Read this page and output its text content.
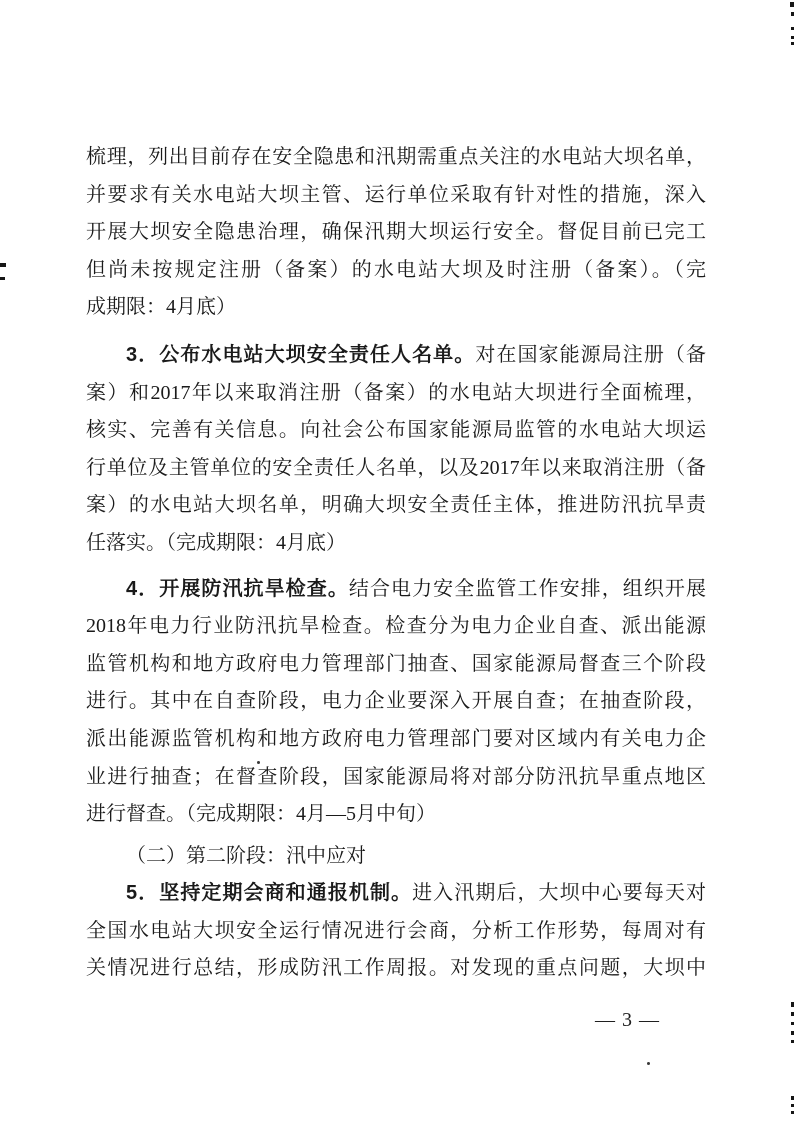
梳理，列出目前存在安全隐患和汛期需重点关注的水电站大坝名单，
并要求有关水电站大坝主管、运行单位采取有针对性的措施，深入
开展大坝安全隐患治理，确保汛期大坝运行安全。督促目前已完工
但尚未按规定注册（备案）的水电站大坝及时注册（备案）。（完
成期限：4月底）
3．公布水电站大坝安全责任人名单。对在国家能源局注册（备
案）和2017年以来取消注册（备案）的水电站大坝进行全面梳理，
核实、完善有关信息。向社会公布国家能源局监管的水电站大坝运
行单位及主管单位的安全责任人名单，以及2017年以来取消注册（备
案）的水电站大坝名单，明确大坝安全责任主体，推进防汛抗旱责
任落实。（完成期限：4月底）
4．开展防汛抗旱检查。结合电力安全监管工作安排，组织开展
2018年电力行业防汛抗旱检查。检查分为电力企业自查、派出能源
监管机构和地方政府电力管理部门抽查、国家能源局督查三个阶段
进行。其中在自查阶段，电力企业要深入开展自查；在抽查阶段，
派出能源监管机构和地方政府电力管理部门要对区域内有关电力企
业进行抽查；在督查阶段，国家能源局将对部分防汛抗旱重点地区
进行督查。（完成期限：4月—5月中旬）
（二）第二阶段：汛中应对
5．坚持定期会商和通报机制。进入汛期后，大坝中心要每天对
全国水电站大坝安全运行情况进行会商，分析工作形势，每周对有
关情况进行总结，形成防汛工作周报。对发现的重点问题，大坝中
— 3 —
